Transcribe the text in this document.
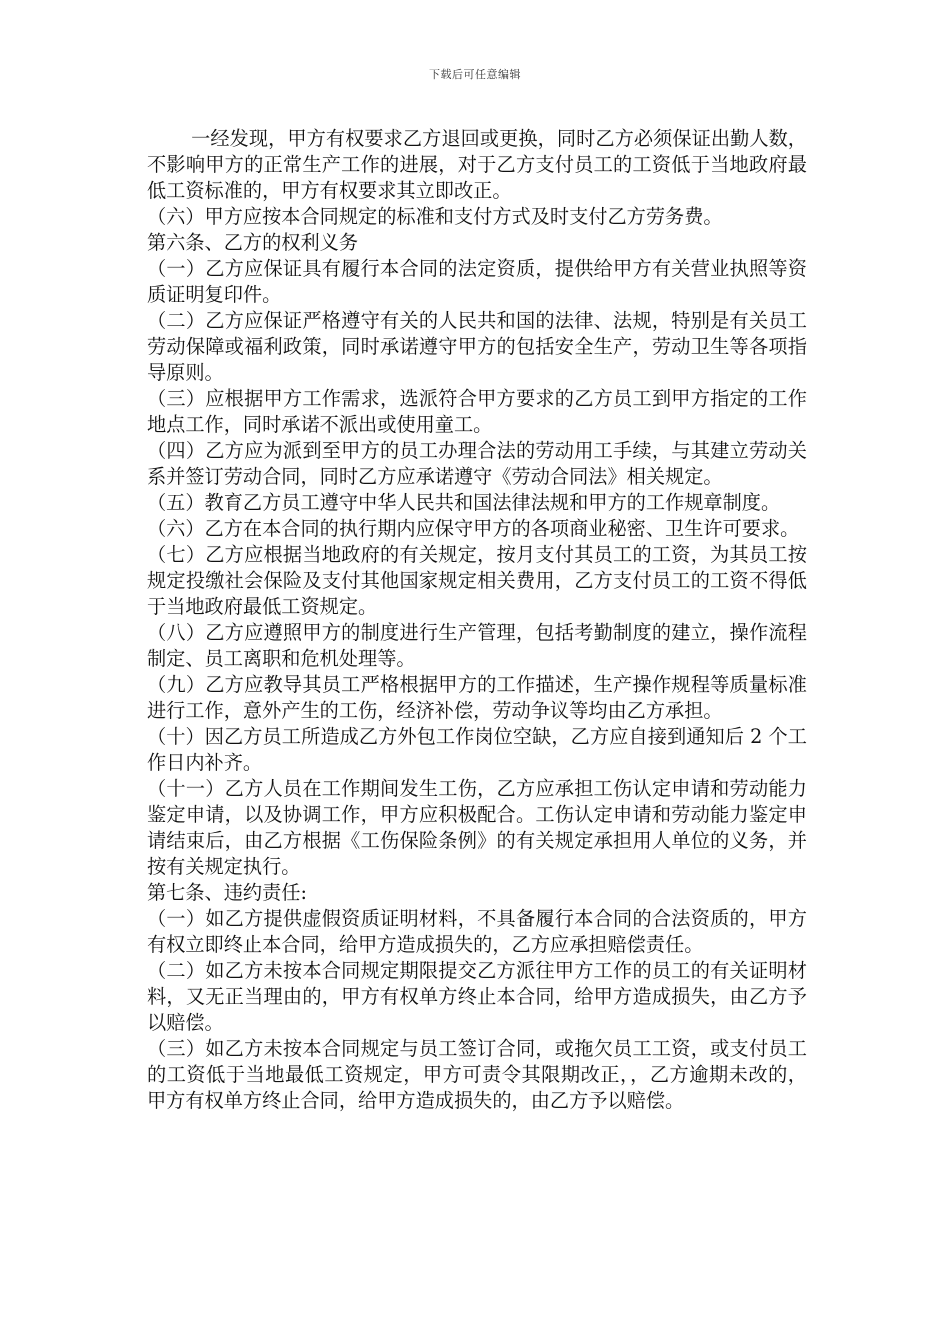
下载后可任意编辑

一经发现，甲方有权要求乙方退回或更换，同时乙方必须保证出勤人数，不影响甲方的正常生产工作的进展，对于乙方支付员工的工资低于当地政府最低工资标准的，甲方有权要求其立即改正。

（六）甲方应按本合同规定的标准和支付方式及时支付乙方劳务费。

第六条、乙方的权利义务

（一）乙方应保证具有履行本合同的法定资质，提供给甲方有关营业执照等资质证明复印件。

（二）乙方应保证严格遵守有关的人民共和国的法律、法规，特别是有关员工劳动保障或福利政策，同时承诺遵守甲方的包括安全生产，劳动卫生等各项指导原则。

（三）应根据甲方工作需求，选派符合甲方要求的乙方员工到甲方指定的工作地点工作，同时承诺不派出或使用童工。

（四）乙方应为派到至甲方的员工办理合法的劳动用工手续，与其建立劳动关系并签订劳动合同，同时乙方应承诺遵守《劳动合同法》相关规定。

（五）教育乙方员工遵守中华人民共和国法律法规和甲方的工作规章制度。

（六）乙方在本合同的执行期内应保守甲方的各项商业秘密、卫生许可要求。

（七）乙方应根据当地政府的有关规定，按月支付其员工的工资，为其员工按规定投缴社会保险及支付其他国家规定相关费用，乙方支付员工的工资不得低于当地政府最低工资规定。

（八）乙方应遵照甲方的制度进行生产管理，包括考勤制度的建立，操作流程制定、员工离职和危机处理等。

（九）乙方应教导其员工严格根据甲方的工作描述，生产操作规程等质量标准进行工作，意外产生的工伤，经济补偿，劳动争议等均由乙方承担。

（十）因乙方员工所造成乙方外包工作岗位空缺，乙方应自接到通知后 2 个工作日内补齐。

（十一）乙方人员在工作期间发生工伤，乙方应承担工伤认定申请和劳动能力鉴定申请，以及协调工作，甲方应积极配合。工伤认定申请和劳动能力鉴定申请结束后，由乙方根据《工伤保险条例》的有关规定承担用人单位的义务，并按有关规定执行。

第七条、违约责任:

（一）如乙方提供虚假资质证明材料，不具备履行本合同的合法资质的，甲方有权立即终止本合同，给甲方造成损失的，乙方应承担赔偿责任。

（二）如乙方未按本合同规定期限提交乙方派往甲方工作的员工的有关证明材料，又无正当理由的，甲方有权单方终止本合同，给甲方造成损失，由乙方予以赔偿。

（三）如乙方未按本合同规定与员工签订合同，或拖欠员工工资，或支付员工的工资低于当地最低工资规定，甲方可责令其限期改正，，乙方逾期未改的，甲方有权单方终止合同，给甲方造成损失的，由乙方予以赔偿。
